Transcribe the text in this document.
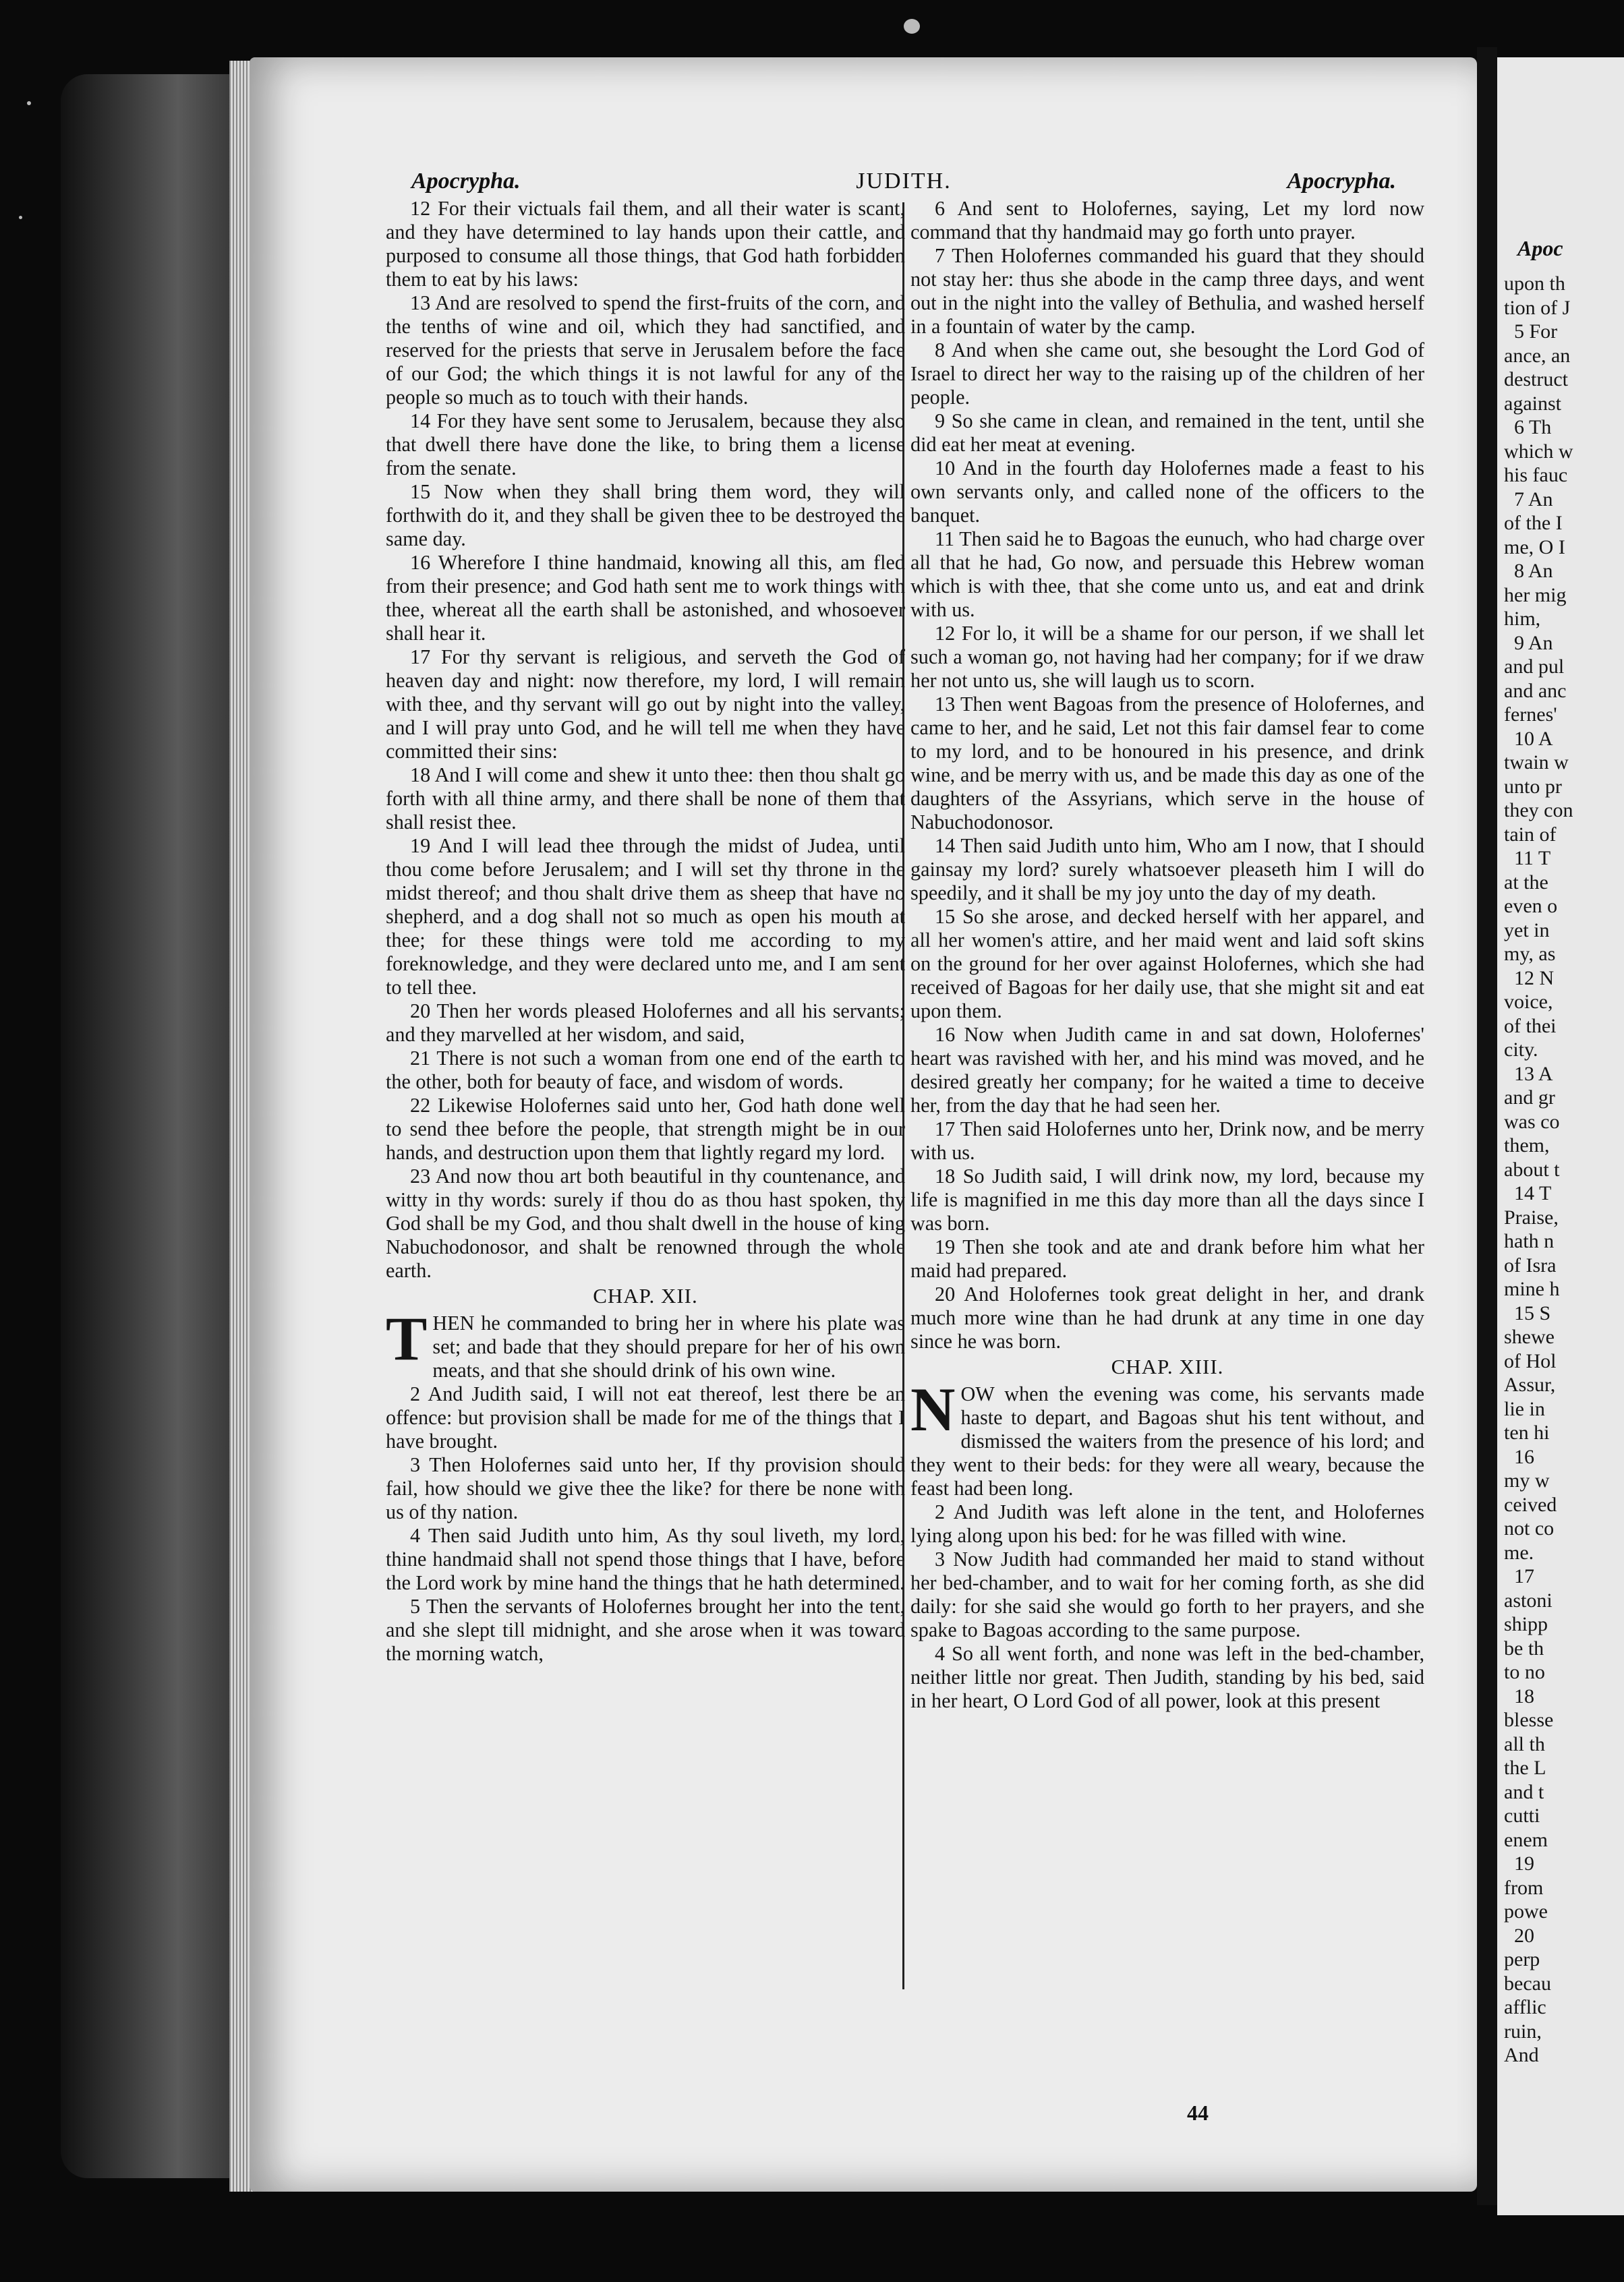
Apoc
upon th
tion of J
5 For
ance, an
destruct
against
6 Th
which w
his fauc
7 An
of the I
me, O I
8 An
her mig
him,
9 An
and pul
and anc
fernes'
10 A
twain w
unto pr
they con
tain of
11 T
at the
even o
yet in
my, as
12 N
voice,
of thei
city.
13 A
and gr
was co
them,
about t
14 T
Praise,
hath n
of Isra
mine h
15 S
shewe
of Hol
Assur,
lie in
ten hi
16
my w
ceived
not co
me.
17
astoni
shipp
be th
to no
18
blesse
all th
the L
and t
cutti
enem
19
from
powe
20
perp
becau
afflic
ruin,
And
Apocrypha.	JUDITH.	Apocrypha.

12 For their victuals fail them, and all their water is scant, and they have determined to lay hands upon their cattle, and purposed to consume all those things, that God hath forbidden them to eat by his laws:

13 And are resolved to spend the first-fruits of the corn, and the tenths of wine and oil, which they had sanctified, and reserved for the priests that serve in Jerusalem before the face of our God; the which things it is not lawful for any of the people so much as to touch with their hands.

14 For they have sent some to Jerusalem, because they also that dwell there have done the like, to bring them a license from the senate.

15 Now when they shall bring them word, they will forthwith do it, and they shall be given thee to be destroyed the same day.

16 Wherefore I thine handmaid, knowing all this, am fled from their presence; and God hath sent me to work things with thee, whereat all the earth shall be astonished, and whosoever shall hear it.

17 For thy servant is religious, and serveth the God of heaven day and night: now therefore, my lord, I will remain with thee, and thy servant will go out by night into the valley, and I will pray unto God, and he will tell me when they have committed their sins:

18 And I will come and shew it unto thee: then thou shalt go forth with all thine army, and there shall be none of them that shall resist thee.

19 And I will lead thee through the midst of Judea, until thou come before Jerusalem; and I will set thy throne in the midst thereof; and thou shalt drive them as sheep that have no shepherd, and a dog shall not so much as open his mouth at thee; for these things were told me according to my foreknowledge, and they were declared unto me, and I am sent to tell thee.

20 Then her words pleased Holofernes and all his servants; and they marvelled at her wisdom, and said,

21 There is not such a woman from one end of the earth to the other, both for beauty of face, and wisdom of words.

22 Likewise Holofernes said unto her, God hath done well to send thee before the people, that strength might be in our hands, and destruction upon them that lightly regard my lord.

23 And now thou art both beautiful in thy countenance, and witty in thy words: surely if thou do as thou hast spoken, thy God shall be my God, and thou shalt dwell in the house of king Nabuchodonosor, and shalt be renowned through the whole earth.

CHAP. XII.

THEN he commanded to bring her in where his plate was set; and bade that they should prepare for her of his own meats, and that she should drink of his own wine.

2 And Judith said, I will not eat thereof, lest there be an offence: but provision shall be made for me of the things that I have brought.

3 Then Holofernes said unto her, If thy provision should fail, how should we give thee the like? for there be none with us of thy nation.

4 Then said Judith unto him, As thy soul liveth, my lord, thine handmaid shall not spend those things that I have, before the Lord work by mine hand the things that he hath determined.

5 Then the servants of Holofernes brought her into the tent, and she slept till midnight, and she arose when it was toward the morning watch,

6 And sent to Holofernes, saying, Let my lord now command that thy handmaid may go forth unto prayer.

7 Then Holofernes commanded his guard that they should not stay her: thus she abode in the camp three days, and went out in the night into the valley of Bethulia, and washed herself in a fountain of water by the camp.

8 And when she came out, she besought the Lord God of Israel to direct her way to the raising up of the children of her people.

9 So she came in clean, and remained in the tent, until she did eat her meat at evening.

10 And in the fourth day Holofernes made a feast to his own servants only, and called none of the officers to the banquet.

11 Then said he to Bagoas the eunuch, who had charge over all that he had, Go now, and persuade this Hebrew woman which is with thee, that she come unto us, and eat and drink with us.

12 For lo, it will be a shame for our person, if we shall let such a woman go, not having had her company; for if we draw her not unto us, she will laugh us to scorn.

13 Then went Bagoas from the presence of Holofernes, and came to her, and he said, Let not this fair damsel fear to come to my lord, and to be honoured in his presence, and drink wine, and be merry with us, and be made this day as one of the daughters of the Assyrians, which serve in the house of Nabuchodonosor.

14 Then said Judith unto him, Who am I now, that I should gainsay my lord? surely whatsoever pleaseth him I will do speedily, and it shall be my joy unto the day of my death.

15 So she arose, and decked herself with her apparel, and all her women's attire, and her maid went and laid soft skins on the ground for her over against Holofernes, which she had received of Bagoas for her daily use, that she might sit and eat upon them.

16 Now when Judith came in and sat down, Holofernes' heart was ravished with her, and his mind was moved, and he desired greatly her company; for he waited a time to deceive her, from the day that he had seen her.

17 Then said Holofernes unto her, Drink now, and be merry with us.

18 So Judith said, I will drink now, my lord, because my life is magnified in me this day more than all the days since I was born.

19 Then she took and ate and drank before him what her maid had prepared.

20 And Holofernes took great delight in her, and drank much more wine than he had drunk at any time in one day since he was born.

CHAP. XIII.

NOW when the evening was come, his servants made haste to depart, and Bagoas shut his tent without, and dismissed the waiters from the presence of his lord; and they went to their beds: for they were all weary, because the feast had been long.

2 And Judith was left alone in the tent, and Holofernes lying along upon his bed: for he was filled with wine.

3 Now Judith had commanded her maid to stand without her bed-chamber, and to wait for her coming forth, as she did daily: for she said she would go forth to her prayers, and she spake to Bagoas according to the same purpose.

4 So all went forth, and none was left in the bed-chamber, neither little nor great. Then Judith, standing by his bed, said in her heart, O Lord God of all power, look at this present

44
